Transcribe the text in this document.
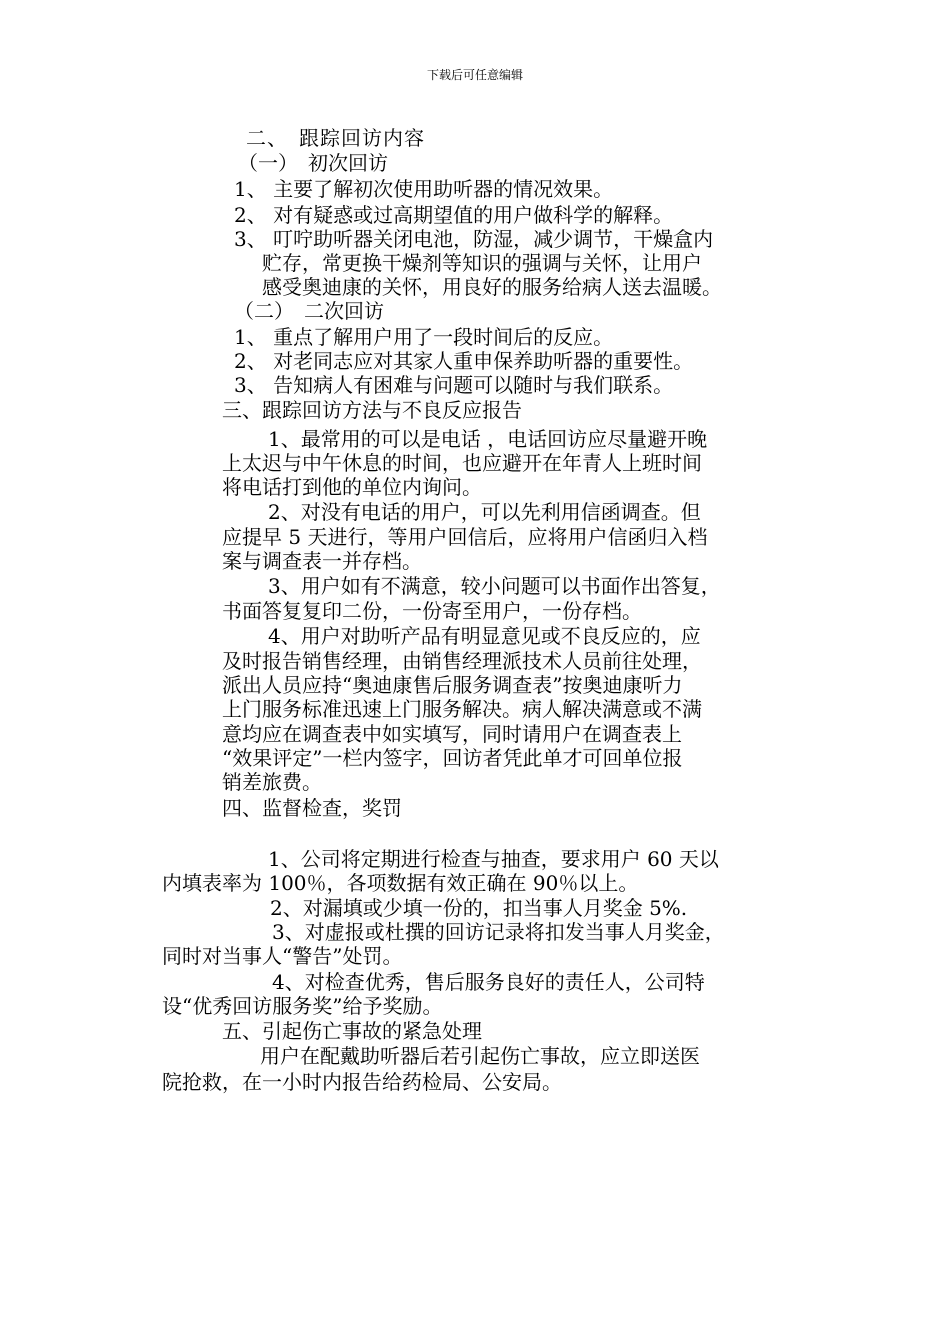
下载后可任意编辑
二、　跟踪回访内容
（一）　初次回访
1、 主要了解初次使用助听器的情况效果。
2、 对有疑惑或过高期望值的用户做科学的解释。
3、 叮咛助听器关闭电池，防湿，减少调节，干燥盒内
贮存，常更换干燥剂等知识的强调与关怀，让用户
感受奥迪康的关怀，用良好的服务给病人送去温暖。
（二）　二次回访
1、 重点了解用户用了一段时间后的反应。
2、 对老同志应对其家人重申保养助听器的重要性。
3、 告知病人有困难与问题可以随时与我们联系。
三、跟踪回访方法与不良反应报告
1、最常用的可以是电话 ，电话回访应尽量避开晚
上太迟与中午休息的时间，也应避开在年青人上班时间
将电话打到他的单位内询问。
2、对没有电话的用户，可以先利用信函调查。但
应提早 5 天进行，等用户回信后，应将用户信函归入档
案与调查表一并存档。
3、用户如有不满意，较小问题可以书面作出答复，
书面答复复印二份，一份寄至用户，一份存档。
4、用户对助听产品有明显意见或不良反应的，应
及时报告销售经理，由销售经理派技术人员前往处理，
派出人员应持“奥迪康售后服务调查表”按奥迪康听力
上门服务标准迅速上门服务解决。病人解决满意或不满
意均应在调查表中如实填写，同时请用户在调查表上
“效果评定”一栏内签字，回访者凭此单才可回单位报
销差旅费。
四、监督检查，奖罚
1、公司将定期进行检查与抽查，要求用户 60 天以
内填表率为 100％，各项数据有效正确在 90％以上。
2、对漏填或少填一份的，扣当事人月奖金 5%.
3、对虚报或杜撰的回访记录将扣发当事人月奖金，
同时对当事人“警告”处罚。
4、对检查优秀，售后服务良好的责任人，公司特
设“优秀回访服务奖”给予奖励。
五、引起伤亡事故的紧急处理
用户在配戴助听器后若引起伤亡事故，应立即送医
院抢救，在一小时内报告给药检局、公安局。
